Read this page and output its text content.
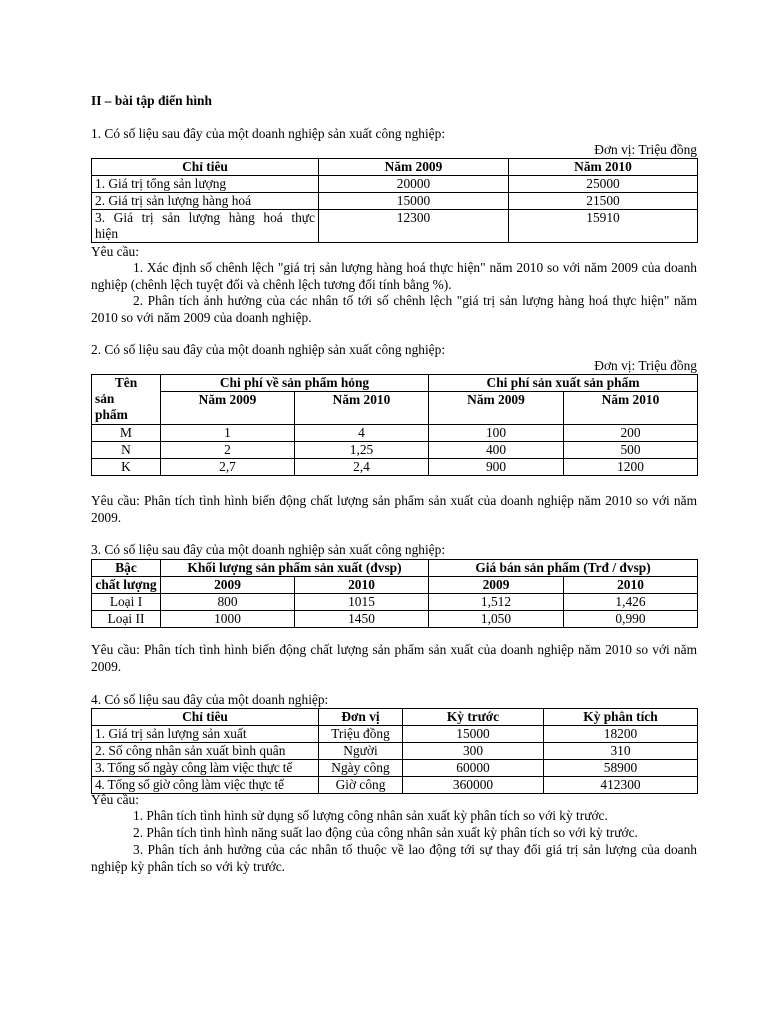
II – bài tập điển hình

1. Có số liệu sau đây của một doanh nghiệp sản xuất công nghiệp:

Đơn vị: Triệu đồng

Chỉ tiêu	Năm 2009	Năm 2010
1. Giá trị tổng sản lượng	20000	25000
2. Giá trị sản lượng hàng hoá	15000	21500

3. Giá trị sản lượng hàng hoá thực
hiện	12300	15910

Yêu cầu:

1. Xác định số chênh lệch "giá trị sản lượng hàng hoá thực hiện" năm 2010 so với năm 2009 của doanh nghiệp (chênh lệch tuyệt đối và chênh lệch tương đối tính bằng %).

2. Phân tích ảnh hưởng của các nhân tố tới số chênh lệch "giá trị sản lượng hàng hoá thực hiện" năm 2010 so với năm 2009 của doanh nghiệp.

2. Có số liệu sau đây của một doanh nghiệp sản xuất công nghiệp:

Đơn vị: Triệu đồng

Tên
sản
phẩm	Chi phí về sản phẩm hỏng		Chi phí sản xuất sản phẩm	
	Năm 2009	Năm 2010	Năm 2009	Năm 2010
M	1	4	100	200
N	2	1,25	400	500
K	2,7	2,4	900	1200

Yêu cầu: Phân tích tình hình biến động chất lượng sản phẩm sản xuất của doanh nghiệp năm 2010 so với năm 2009.

3. Có số liệu sau đây của một doanh nghiệp sản xuất công nghiệp:

Bậc	Khối lượng sản phẩm sản xuất (đvsp)		Giá bán sản phẩm (Trđ / đvsp)	
chất lượng	2009	2010	2009	2010
Loại I	800	1015	1,512	1,426
Loại II	1000	1450	1,050	0,990

Yêu cầu: Phân tích tình hình biến động chất lượng sản phẩm sản xuất của doanh nghiệp năm 2010 so với năm 2009.

4. Có số liệu sau đây của một doanh nghiệp:

Chỉ tiêu	Đơn vị	Kỳ trước	Kỳ phân tích
1. Giá trị sản lượng sản xuất	Triệu đồng	15000	18200
2. Số công nhân sản xuất bình quân	Người	300	310
3. Tổng số ngày công làm việc thực tế	Ngày công	60000	58900
4. Tổng số giờ công làm việc thực tế	Giờ công	360000	412300

Yêu cầu:

1. Phân tích tình hình sử dụng số lượng công nhân sản xuất kỳ phân tích so với kỳ trước.

2. Phân tích tình hình năng suất lao động của công nhân sản xuất kỳ phân tích so với kỳ trước.

3. Phân tích ảnh hưởng của các nhân tố thuộc về lao động tới sự thay đổi giá trị sản lượng của doanh nghiệp kỳ phân tích so với kỳ trước.
